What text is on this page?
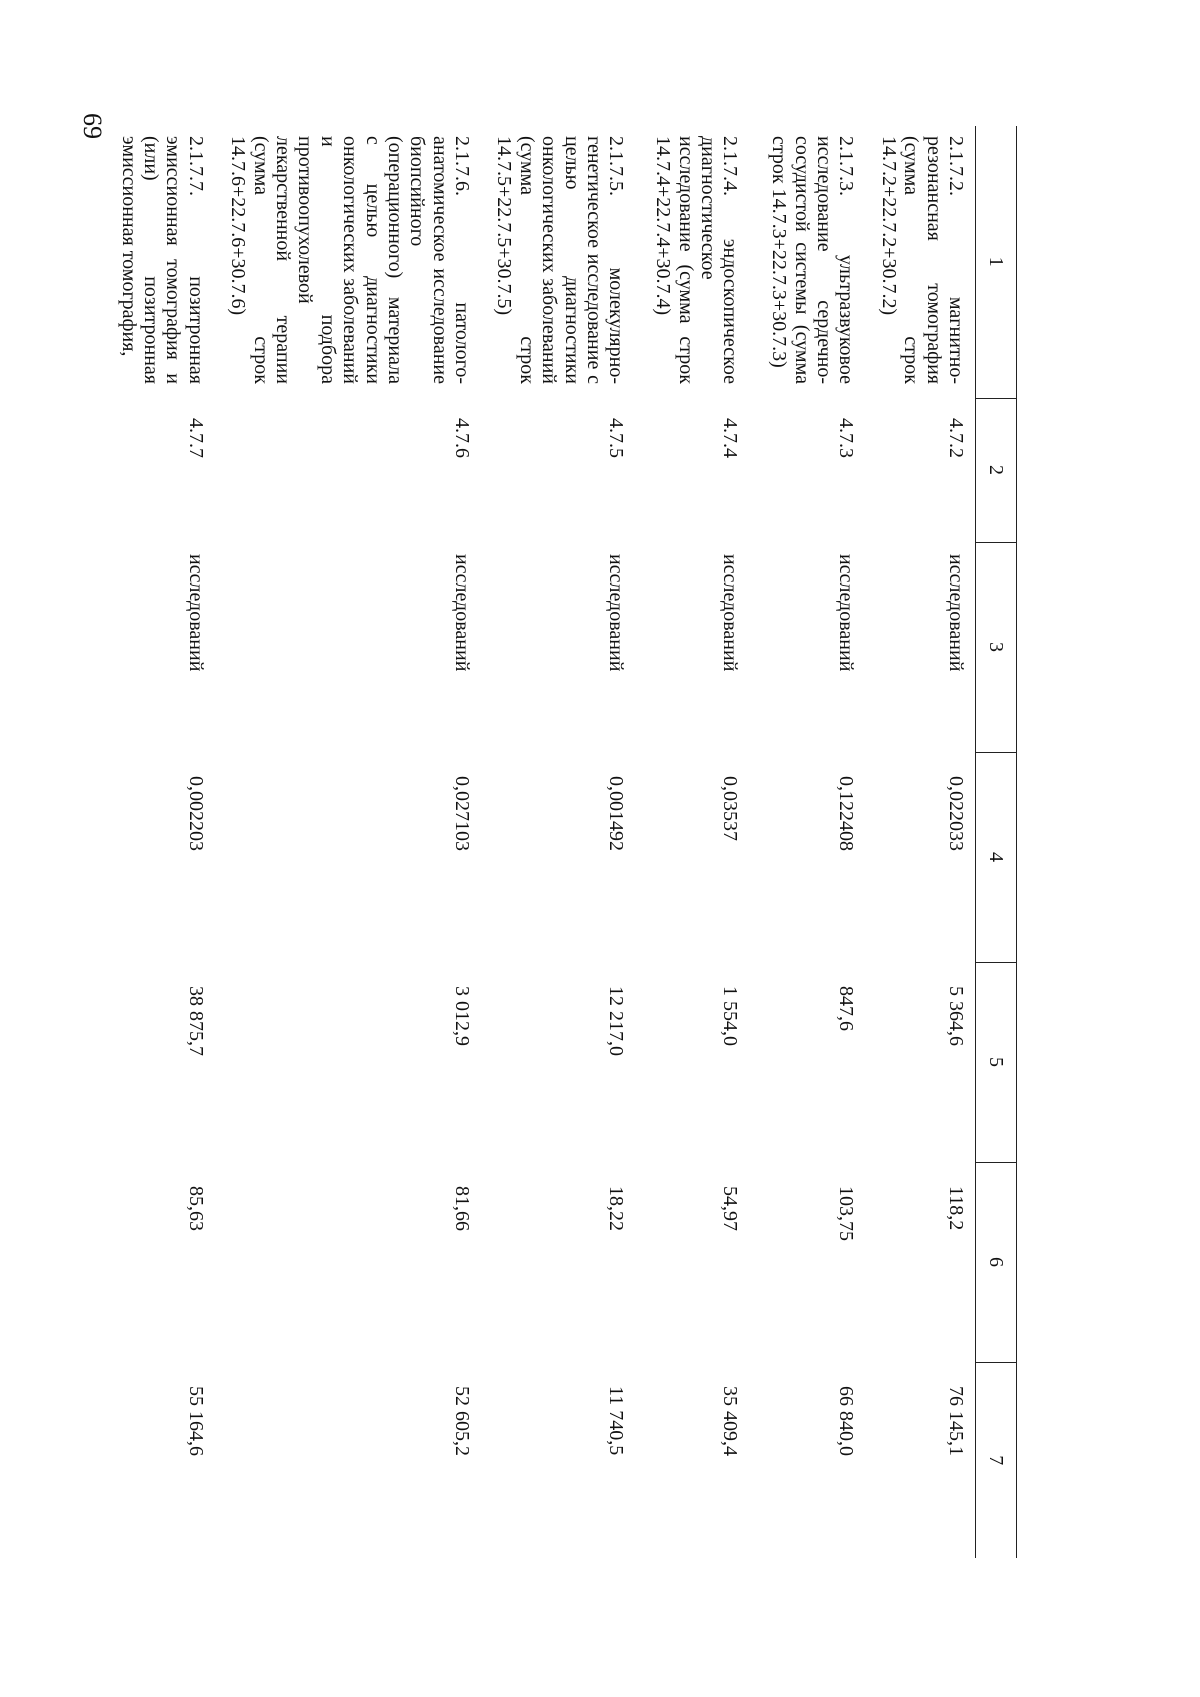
69
1	2	3	4	5	6	7
2.1.7.2. магнитно-резонансная томография (сумма строк 14.7.2+22.7.2+30.7.2)	4.7.2	исследований	0,022033	5 364,6	118,2	76 145,1
2.1.7.3. ультразвуковое исследование сердечно-сосудистой системы (сумма строк 14.7.3+22.7.3+30.7.3)	4.7.3	исследований	0,122408	847,6	103,75	66 840,0
2.1.7.4. эндоскопическое диагностическое исследование (сумма строк 14.7.4+22.7.4+30.7.4)	4.7.4	исследований	0,03537	1 554,0	54,97	35 409,4
2.1.7.5. молекулярно-генетическое исследование с целью диагностики онкологических заболеваний (сумма строк 14.7.5+22.7.5+30.7.5)	4.7.5	исследований	0,001492	12 217,0	18,22	11 740,5
2.1.7.6. патолого-анатомическое исследование биопсийного (операционного) материала с целью диагностики онкологических заболеваний и подбора противоопухолевой лекарственной терапии (сумма строк 14.7.6+22.7.6+30.7.6)	4.7.6	исследований	0,027103	3 012,9	81,66	52 605,2
2.1.7.7. позитронная эмиссионная томография и (или) позитронная эмиссионная томография,	4.7.7	исследований	0,002203	38 875,7	85,63	55 164,6
